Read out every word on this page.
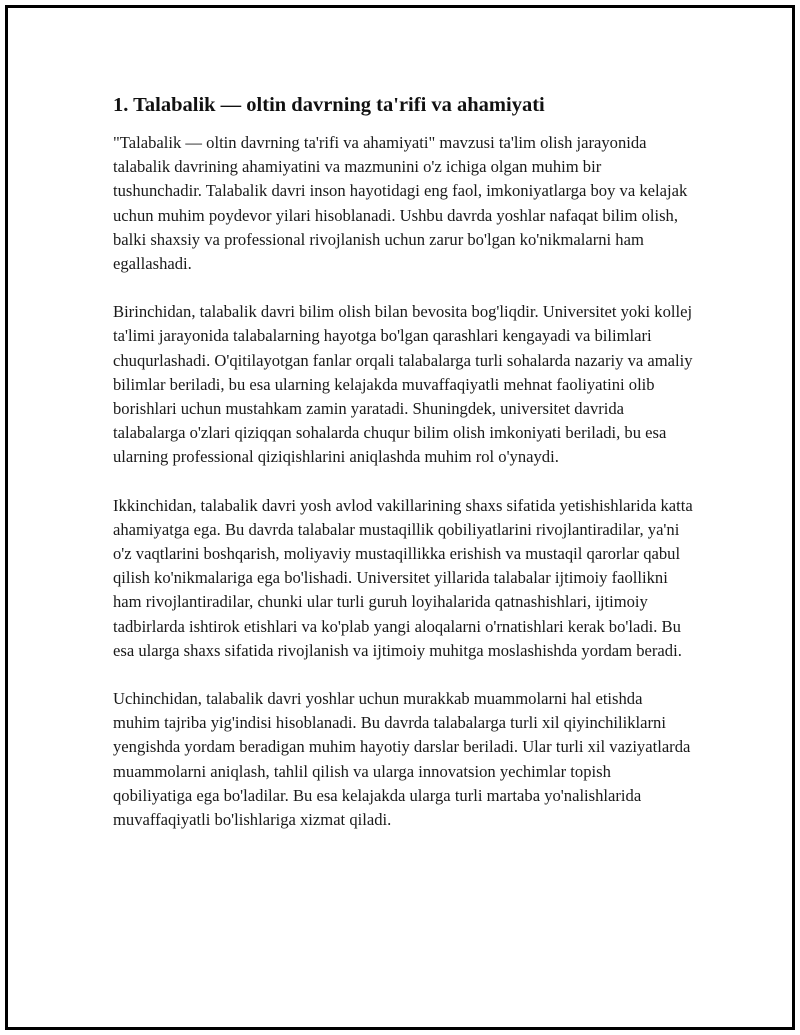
1. Talabalik — oltin davrning ta'rifi va ahamiyati

"Talabalik — oltin davrning ta'rifi va ahamiyati" mavzusi ta'lim olish jarayonida talabalik davrining ahamiyatini va mazmunini o'z ichiga olgan muhim bir tushunchadir. Talabalik davri inson hayotidagi eng faol, imkoniyatlarga boy va kelajak uchun muhim poydevor yilari hisoblanadi. Ushbu davrda yoshlar nafaqat bilim olish, balki shaxsiy va professional rivojlanish uchun zarur bo'lgan ko'nikmalarni ham egallashadi.

Birinchidan, talabalik davri bilim olish bilan bevosita bog'liqdir. Universitet yoki kollej ta'limi jarayonida talabalarning hayotga bo'lgan qarashlari kengayadi va bilimlari chuqurlashadi. O'qitilayotgan fanlar orqali talabalarga turli sohalarda nazariy va amaliy bilimlar beriladi, bu esa ularning kelajakda muvaffaqiyatli mehnat faoliyatini olib borishlari uchun mustahkam zamin yaratadi. Shuningdek, universitet davrida talabalarga o'zlari qiziqqan sohalarda chuqur bilim olish imkoniyati beriladi, bu esa ularning professional qiziqishlarini aniqlashda muhim rol o'ynaydi.

Ikkinchidan, talabalik davri yosh avlod vakillarining shaxs sifatida yetishishlarida katta ahamiyatga ega. Bu davrda talabalar mustaqillik qobiliyatlarini rivojlantiradilar, ya'ni o'z vaqtlarini boshqarish, moliyaviy mustaqillikka erishish va mustaqil qarorlar qabul qilish ko'nikmalariga ega bo'lishadi. Universitet yillarida talabalar ijtimoiy faollikni ham rivojlantiradilar, chunki ular turli guruh loyihalarida qatnashishlari, ijtimoiy tadbirlarda ishtirok etishlari va ko'plab yangi aloqalarni o'rnatishlari kerak bo'ladi. Bu esa ularga shaxs sifatida rivojlanish va ijtimoiy muhitga moslashishda yordam beradi.

Uchinchidan, talabalik davri yoshlar uchun murakkab muammolarni hal etishda muhim tajriba yig'indisi hisoblanadi. Bu davrda talabalarga turli xil qiyinchiliklarni yengishda yordam beradigan muhim hayotiy darslar beriladi. Ular turli xil vaziyatlarda muammolarni aniqlash, tahlil qilish va ularga innovatsion yechimlar topish qobiliyatiga ega bo'ladilar. Bu esa kelajakda ularga turli martaba yo'nalishlarida muvaffaqiyatli bo'lishlariga xizmat qiladi.
